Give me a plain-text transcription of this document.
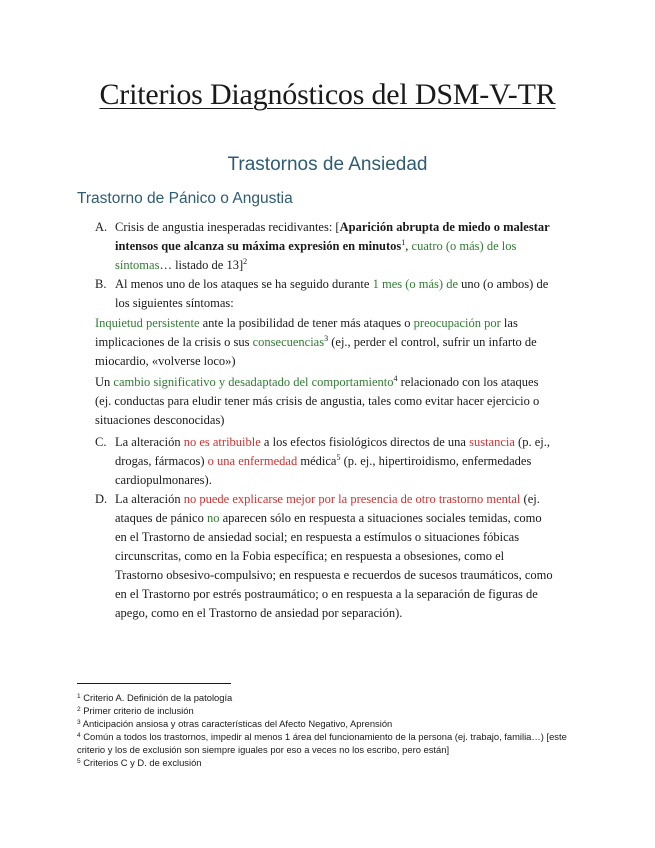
Criterios Diagnósticos del DSM-V-TR
Trastornos de Ansiedad
Trastorno de Pánico o Angustia
A. Crisis de angustia inesperadas recidivantes: [Aparición abrupta de miedo o malestar intensos que alcanza su máxima expresión en minutos$^1$, cuatro (o más) de los síntomas… listado de 13]$^2$
B. Al menos uno de los ataques se ha seguido durante 1 mes (o más) de uno (o ambos) de los siguientes síntomas:

Inquietud persistente ante la posibilidad de tener más ataques o preocupación por las implicaciones de la crisis o sus consecuencias$^3$ (ej., perder el control, sufrir un infarto de miocardio, «volverse loco»)

Un cambio significativo y desadaptado del comportamiento$^4$ relacionado con los ataques (ej. conductas para eludir tener más crisis de angustia, tales como evitar hacer ejercicio o situaciones desconocidas)

C. La alteración no es atribuible a los efectos fisiológicos directos de una sustancia (p. ej., drogas, fármacos) o una enfermedad médica$^5$ (p. ej., hipertiroidismo, enfermedades cardiopulmonares).
D. La alteración no puede explicarse mejor por la presencia de otro trastorno mental (ej. ataques de pánico no aparecen sólo en respuesta a situaciones sociales temidas, como en el Trastorno de ansiedad social; en respuesta a estímulos o situaciones fóbicas circunscritas, como en la Fobia específica; en respuesta a obsesiones, como el Trastorno obsesivo-compulsivo; en respuesta e recuerdos de sucesos traumáticos, como en el Trastorno por estrés postraumático; o en respuesta a la separación de figuras de apego, como en el Trastorno de ansiedad por separación).

$^1$ Criterio A. Definición de la patología

$^2$ Primer criterio de inclusión

$^3$ Anticipación ansiosa y otras características del Afecto Negativo, Aprensión

$^4$ Común a todos los trastornos, impedir al menos 1 área del funcionamiento de la persona (ej. trabajo, familia…) [este criterio y los de exclusión son siempre iguales por eso a veces no los escribo, pero están]

$^5$ Criterios C y D. de exclusión
